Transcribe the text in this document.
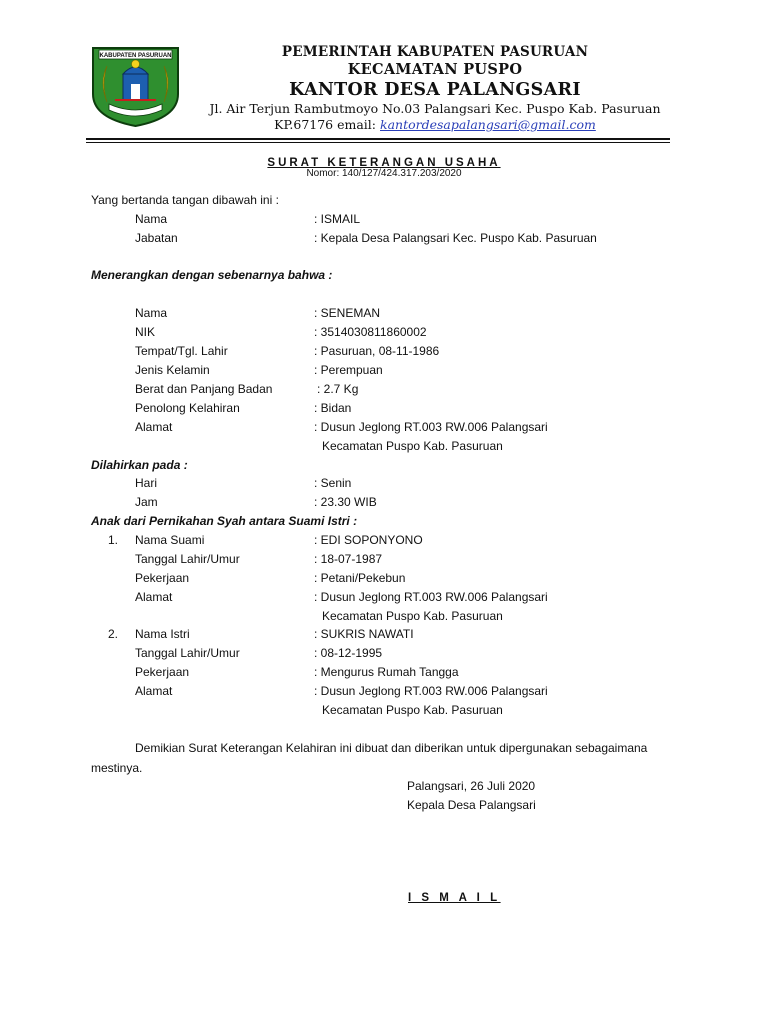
KABUPATEN PASURUAN	PEMERINTAH KABUPATEN PASURUAN
KECAMATAN PUSPO
KANTOR DESA PALANGSARI
Jl. Air Terjun Rambutmoyo No.03 Palangsari Kec. Puspo Kab. Pasuruan
KP.67176 email: kantordesapalangsari@gmail.com
SURAT KETERANGAN USAHA
Nomor: 140/127/424.317.203/2020
Yang bertanda tangan dibawah ini :
Nama	: ISMAIL
Jabatan	: Kepala Desa Palangsari Kec. Puspo Kab. Pasuruan
Menerangkan dengan sebenarnya bahwa :
Nama	: SENEMAN
NIK	: 3514030811860002
Tempat/Tgl. Lahir	: Pasuruan, 08-11-1986
Jenis Kelamin	: Perempuan
Berat dan Panjang Badan	: 2.7 Kg
Penolong Kelahiran	: Bidan
Alamat	: Dusun Jeglong RT.003 RW.006 Palangsari
Kecamatan Puspo Kab. Pasuruan
Dilahirkan pada :
Hari	: Senin
Jam	: 23.30 WIB
Anak dari Pernikahan Syah antara Suami Istri :
1. Nama Suami	: EDI SOPONYONO
Tanggal Lahir/Umur	: 18-07-1987
Pekerjaan	: Petani/Pekebun
Alamat	: Dusun Jeglong RT.003 RW.006 Palangsari
Kecamatan Puspo Kab. Pasuruan
2. Nama Istri	: SUKRIS NAWATI
Tanggal Lahir/Umur	: 08-12-1995
Pekerjaan	: Mengurus Rumah Tangga
Alamat	: Dusun Jeglong RT.003 RW.006 Palangsari
Kecamatan Puspo Kab. Pasuruan
Demikian Surat Keterangan Kelahiran ini dibuat dan diberikan untuk dipergunakan sebagaimana
mestinya.
Palangsari, 26 Juli 2020
Kepala Desa Palangsari
I S M A I L
